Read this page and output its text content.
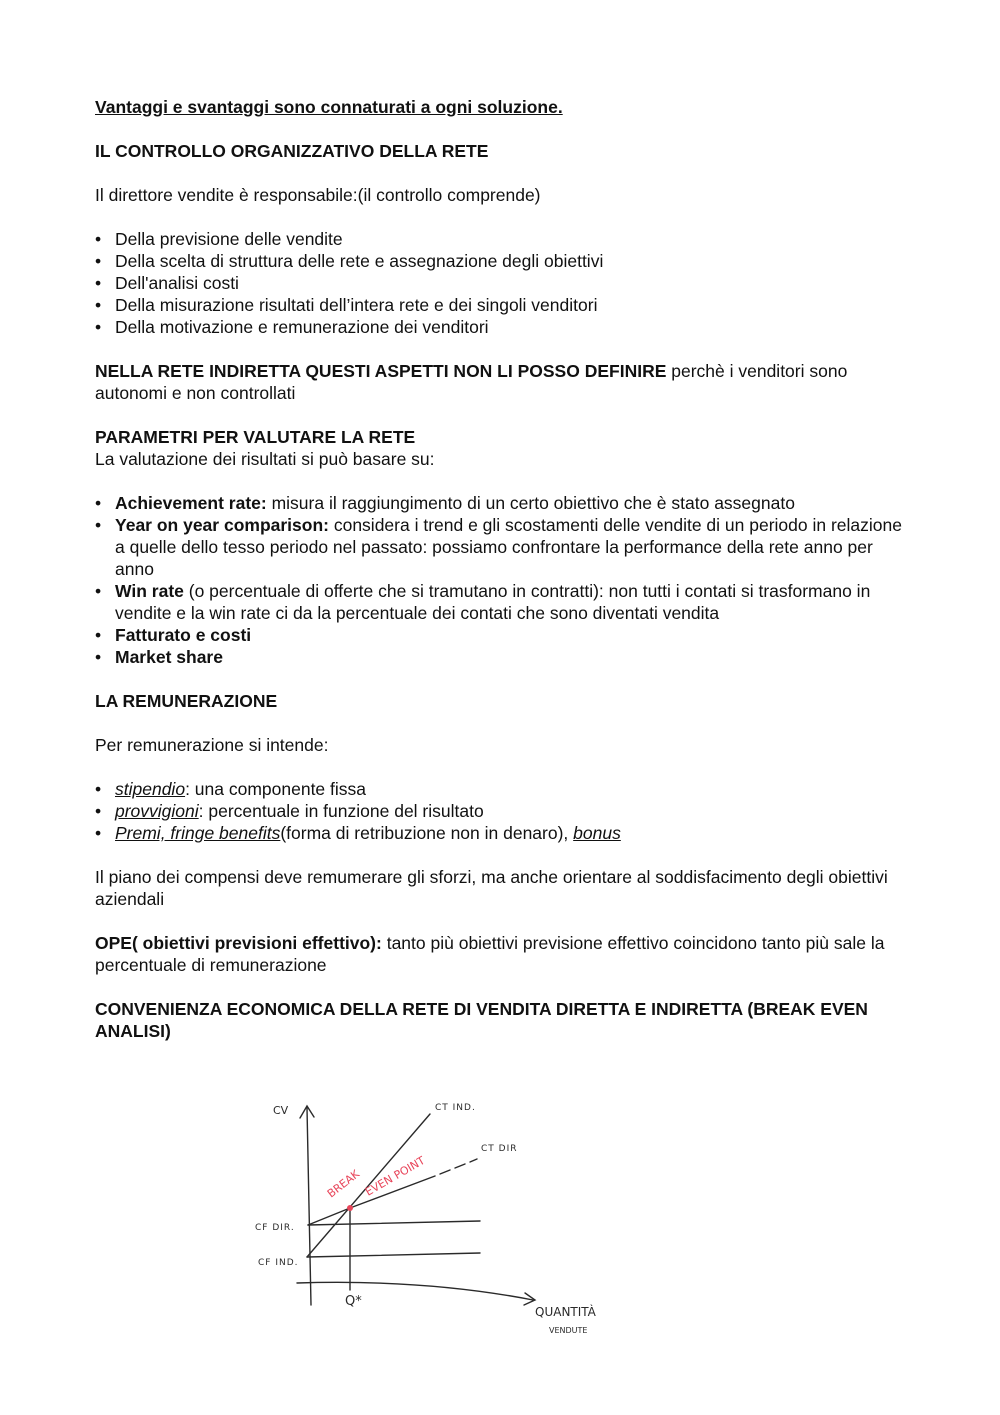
Vantaggi e svantaggi sono connaturati a ogni soluzione.

IL CONTROLLO ORGANIZZATIVO DELLA RETE

Il direttore vendite è responsabile:(il controllo comprende)

• Della previsione delle vendite
• Della scelta di struttura delle rete e assegnazione degli obiettivi
• Dell'analisi costi
• Della misurazione risultati dell’intera rete e dei singoli venditori
• Della motivazione e remunerazione dei venditori

NELLA RETE INDIRETTA QUESTI ASPETTI NON LI POSSO DEFINIRE perchè i venditori sono autonomi e non controllati

PARAMETRI PER VALUTARE LA RETE

La valutazione dei risultati si può basare su:

• Achievement rate: misura il raggiungimento di un certo obiettivo che è stato assegnato
• Year on year comparison: considera i trend e gli scostamenti delle vendite di un periodo in relazione a quelle dello tesso periodo nel passato: possiamo confrontare la performance della rete anno per anno
• Win rate (o percentuale di offerte che si tramutano in contratti): non tutti i contati si trasformano in vendite e la win rate ci da la percentuale dei contati che sono diventati vendita
• Fatturato e costi
• Market share

LA REMUNERAZIONE

Per remunerazione si intende:

• stipendio: una componente fissa
• provvigioni: percentuale in funzione del risultato
• Premi, fringe benefits(forma di retribuzione non in denaro), bonus

Il piano dei compensi deve remumerare gli sforzi, ma anche orientare al soddisfacimento degli obiettivi aziendali

OPE( obiettivi previsioni effettivo): tanto più obiettivi previsione effettivo coincidono tanto più sale la percentuale di remunerazione

CONVENIENZA ECONOMICA DELLA RETE DI VENDITA DIRETTA E INDIRETTA (BREAK EVEN ANALISI)

CV	CT IND.
CT DIR
CF DIR.
CF IND.
BREAK EVEN POINT
Q*
QUANTITÀ
VENDUTE
